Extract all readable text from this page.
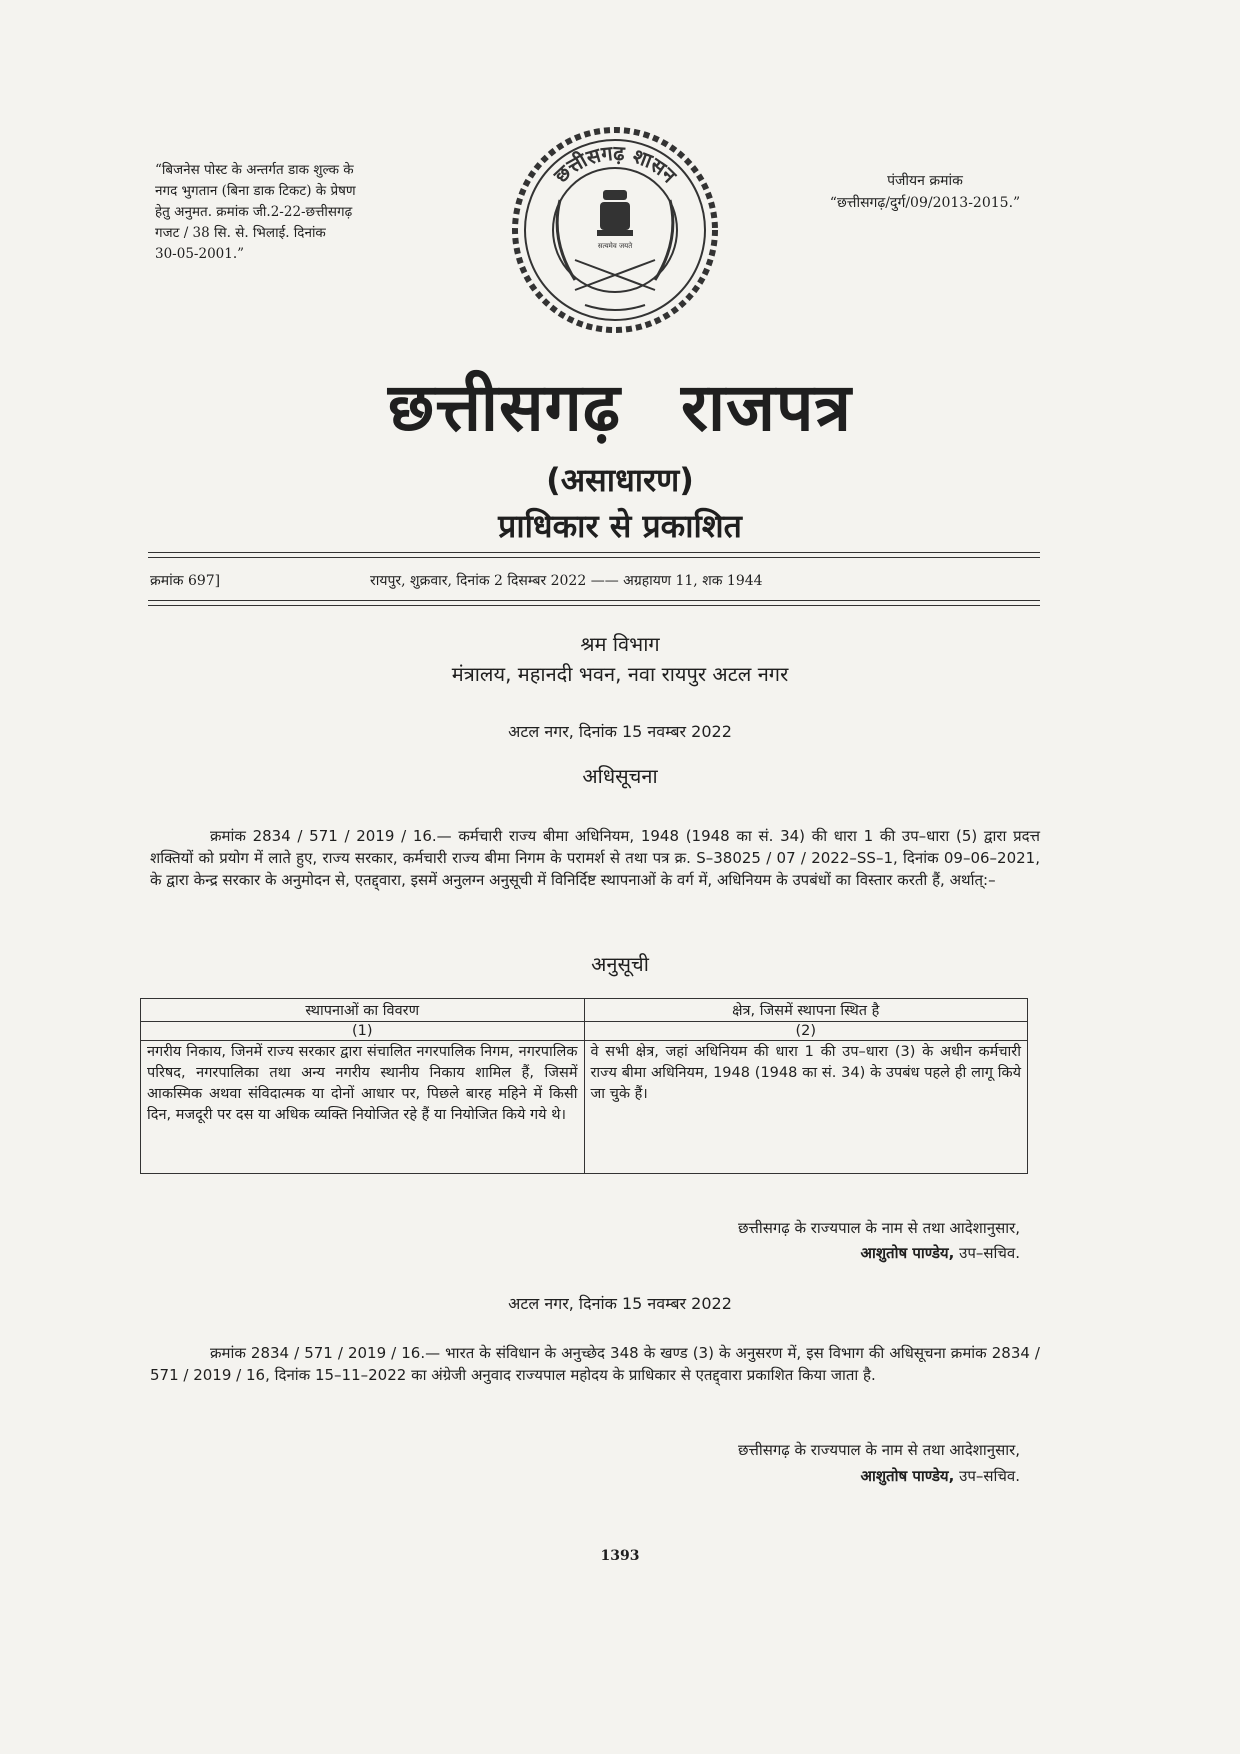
“बिजनेस पोस्ट के अन्तर्गत डाक शुल्क के
नगद भुगतान (बिना डाक टिकट) के प्रेषण
हेतु अनुमत. क्रमांक जी.2-22-छत्तीसगढ़
गजट / 38 सि. से. भिलाई. दिनांक
30-05-2001.”
पंजीयन क्रमांक
“छत्तीसगढ़/दुर्ग/09/2013-2015.”
छत्तीसगढ़ शासन
सत्यमेव जयते
छत्तीसगढ़ राजपत्र
(असाधारण)
प्राधिकार से प्रकाशित
क्रमांक 697]	रायपुर, शुक्रवार, दिनांक 2 दिसम्बर 2022 —— अग्रहायण 11, शक 1944
श्रम विभाग
मंत्रालय, महानदी भवन, नवा रायपुर अटल नगर
अटल नगर, दिनांक 15 नवम्बर 2022
अधिसूचना
क्रमांक 2834 / 571 / 2019 / 16.— कर्मचारी राज्य बीमा अधिनियम, 1948 (1948 का सं. 34) की धारा 1 की उप–धारा (5) द्वारा प्रदत्त शक्तियों को प्रयोग में लाते हुए, राज्य सरकार, कर्मचारी राज्य बीमा निगम के परामर्श से तथा पत्र क्र. S–38025 / 07 / 2022–SS–1, दिनांक 09–06–2021, के द्वारा केन्द्र सरकार के अनुमोदन से, एतद्द्वारा, इसमें अनुलग्न अनुसूची में विनिर्दिष्ट स्थापनाओं के वर्ग में, अधिनियम के उपबंधों का विस्तार करती हैं, अर्थात्:–
अनुसूची
स्थापनाओं का विवरण	क्षेत्र, जिसमें स्थापना स्थित है
(1)	(2)
नगरीय निकाय, जिनमें राज्य सरकार द्वारा संचालित नगरपालिक निगम, नगरपालिक परिषद, नगरपालिका तथा अन्य नगरीय स्थानीय निकाय शामिल हैं, जिसमें आकस्मिक अथवा संविदात्मक या दोनों आधार पर, पिछले बारह महिने में किसी दिन, मजदूरी पर दस या अधिक व्यक्ति नियोजित रहे हैं या नियोजित किये गये थे।	वे सभी क्षेत्र, जहां अधिनियम की धारा 1 की उप–धारा (3) के अधीन कर्मचारी राज्य बीमा अधिनियम, 1948 (1948 का सं. 34) के उपबंध पहले ही लागू किये जा चुके हैं।
छत्तीसगढ़ के राज्यपाल के नाम से तथा आदेशानुसार,
आशुतोष पाण्डेय, उप–सचिव.
अटल नगर, दिनांक 15 नवम्बर 2022
क्रमांक 2834 / 571 / 2019 / 16.— भारत के संविधान के अनुच्छेद 348 के खण्ड (3) के अनुसरण में, इस विभाग की अधिसूचना क्रमांक 2834 / 571 / 2019 / 16, दिनांक 15–11–2022 का अंग्रेजी अनुवाद राज्यपाल महोदय के प्राधिकार से एतद्द्वारा प्रकाशित किया जाता है.
छत्तीसगढ़ के राज्यपाल के नाम से तथा आदेशानुसार,
आशुतोष पाण्डेय, उप–सचिव.
1393
